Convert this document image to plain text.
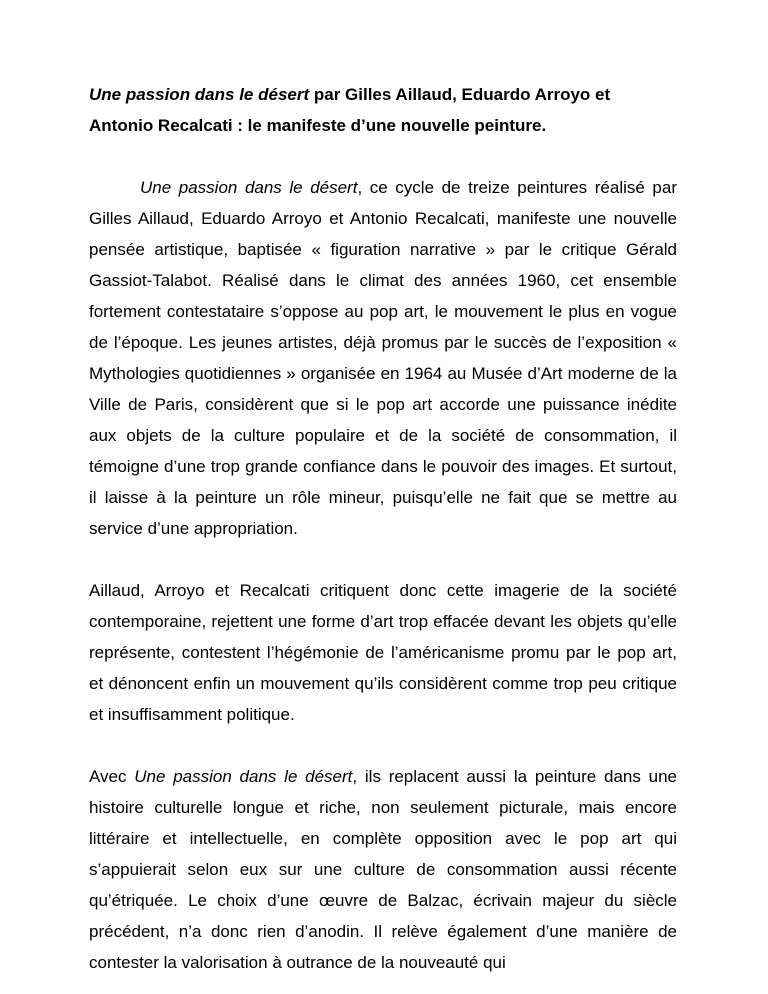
Une passion dans le désert par Gilles Aillaud, Eduardo Arroyo et Antonio Recalcati : le manifeste d’une nouvelle peinture.

Une passion dans le désert, ce cycle de treize peintures réalisé par Gilles Aillaud, Eduardo Arroyo et Antonio Recalcati, manifeste une nouvelle pensée artistique, baptisée « figuration narrative » par le critique Gérald Gassiot-Talabot. Réalisé dans le climat des années 1960, cet ensemble fortement contestataire s’oppose au pop art, le mouvement le plus en vogue de l’époque. Les jeunes artistes, déjà promus par le succès de l’exposition « Mythologies quotidiennes » organisée en 1964 au Musée d’Art moderne de la Ville de Paris, considèrent que si le pop art accorde une puissance inédite aux objets de la culture populaire et de la société de consommation, il témoigne d’une trop grande confiance dans le pouvoir des images. Et surtout, il laisse à la peinture un rôle mineur, puisqu’elle ne fait que se mettre au service d’une appropriation.

Aillaud, Arroyo et Recalcati critiquent donc cette imagerie de la société contemporaine, rejettent une forme d’art trop effacée devant les objets qu’elle représente, contestent l’hégémonie de l’américanisme promu par le pop art, et dénoncent enfin un mouvement qu’ils considèrent comme trop peu critique et insuffisamment politique.

Avec Une passion dans le désert, ils replacent aussi la peinture dans une histoire culturelle longue et riche, non seulement picturale, mais encore littéraire et intellectuelle, en complète opposition avec le pop art qui s’appuierait selon eux sur une culture de consommation aussi récente qu’étriquée. Le choix d’une œuvre de Balzac, écrivain majeur du siècle précédent, n’a donc rien d’anodin. Il relève également d’une manière de contester la valorisation à outrance de la nouveauté qui
